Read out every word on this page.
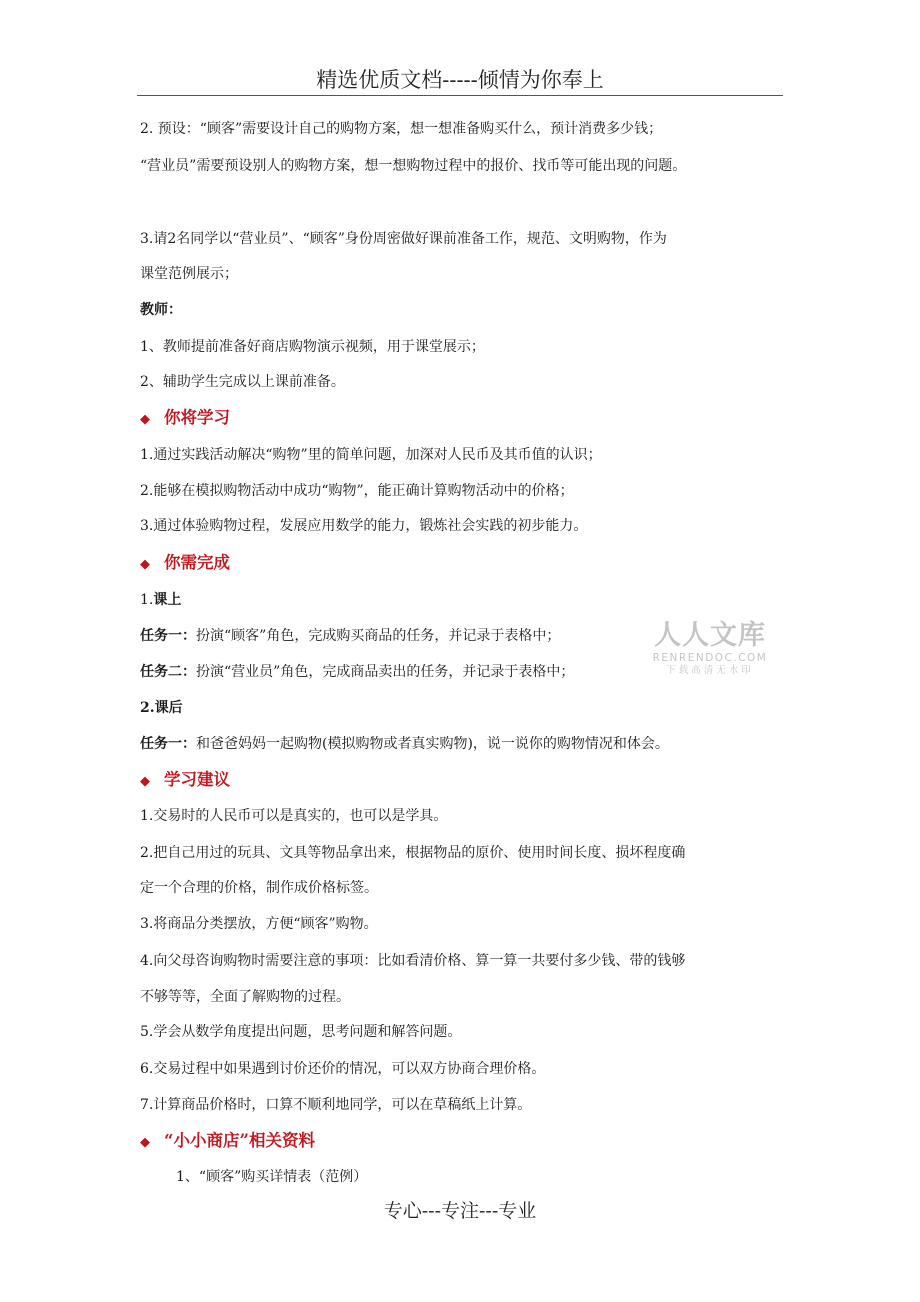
精选优质文档-----倾情为你奉上
2. 预设：“顾客”需要设计自己的购物方案，想一想准备购买什么，预计消费多少钱；
“营业员”需要预设别人的购物方案，想一想购物过程中的报价、找币等可能出现的问题。
3.请2名同学以“营业员”、“顾客”身份周密做好课前准备工作，规范、文明购物，作为
课堂范例展示；
教师：
1、教师提前准备好商店购物演示视频，用于课堂展示；
2、辅助学生完成以上课前准备。
◆ 你将学习
1.通过实践活动解决“购物”里的简单问题，加深对人民币及其币值的认识；
2.能够在模拟购物活动中成功“购物”，能正确计算购物活动中的价格；
3.通过体验购物过程，发展应用数学的能力，锻炼社会实践的初步能力。
◆ 你需完成
1.课上
任务一：扮演“顾客”角色，完成购买商品的任务，并记录于表格中；
任务二：扮演“营业员”角色，完成商品卖出的任务，并记录于表格中；
2.课后
任务一：和爸爸妈妈一起购物(模拟购物或者真实购物)，说一说你的购物情况和体会。
◆ 学习建议
1.交易时的人民币可以是真实的，也可以是学具。
2.把自己用过的玩具、文具等物品拿出来，根据物品的原价、使用时间长度、损坏程度确
定一个合理的价格，制作成价格标签。
3.将商品分类摆放，方便“顾客”购物。
4.向父母咨询购物时需要注意的事项：比如看清价格、算一算一共要付多少钱、带的钱够
不够等等，全面了解购物的过程。
5.学会从数学角度提出问题，思考问题和解答问题。
6.交易过程中如果遇到讨价还价的情况，可以双方协商合理价格。
7.计算商品价格时，口算不顺利地同学，可以在草稿纸上计算。
◆ “小小商店”相关资料
1、“顾客”购买详情表（范例）
人人文库
RENRENDOC.COM
下载高清无水印
专心---专注---专业
